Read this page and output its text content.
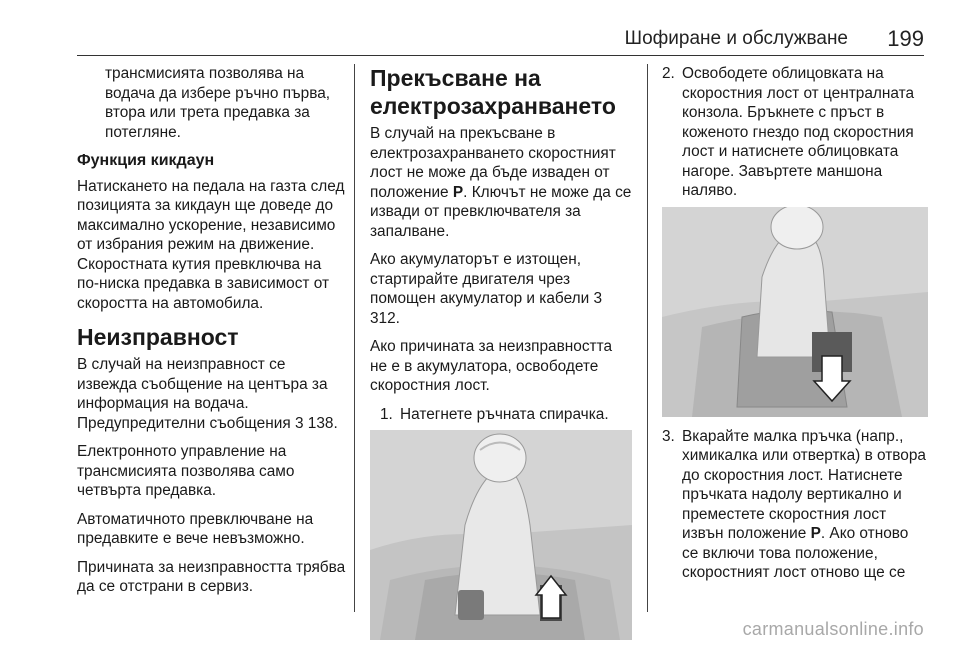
Шофиране и обслужване 199

трансмисията позволява на водача да избере ръчно първа, втора или трета предавка за потегляне.

Функция кикдаун

Натискането на педала на газта след позицията за кикдаун ще доведе до максимално ускорение, независимо от избрания режим на движение. Скоростната кутия превключва на по-ниска предавка в зависимост от скоростта на автомобила.

Неизправност

В случай на неизправност се извежда съобщение на центъра за информация на водача. Предупредителни съобщения 3 138.

Електронното управление на трансмисията позволява само четвърта предавка.

Автоматичното превключване на предавките е вече невъзможно.

Причината за неизправността трябва да се отстрани в сервиз.

Прекъсване на електрозахранването

В случай на прекъсване в електрозахранването скоростният лост не може да бъде изваден от положение P. Ключът не може да се извади от превключвателя за запалване.

Ако акумулаторът е изтощен, стартирайте двигателя чрез помощен акумулатор и кабели 3 312.

Ако причината за неизправността не е в акумулатора, освободете скоростния лост.

1. Натегнете ръчната спирачка.
2. Освободете облицовката на скоростния лост от централната конзола. Бръкнете с пръст в коженото гнездо под скоростния лост и натиснете облицовката нагоре. Завъртете маншона наляво.
3. Вкарайте малка пръчка (напр., химикалка или отвертка) в отвора до скоростния лост. Натиснете пръчката надолу вертикално и преместете скоростния лост извън положение P. Ако отново се включи това положение, скоростният лост отново ще се
carmanualsonline.info
